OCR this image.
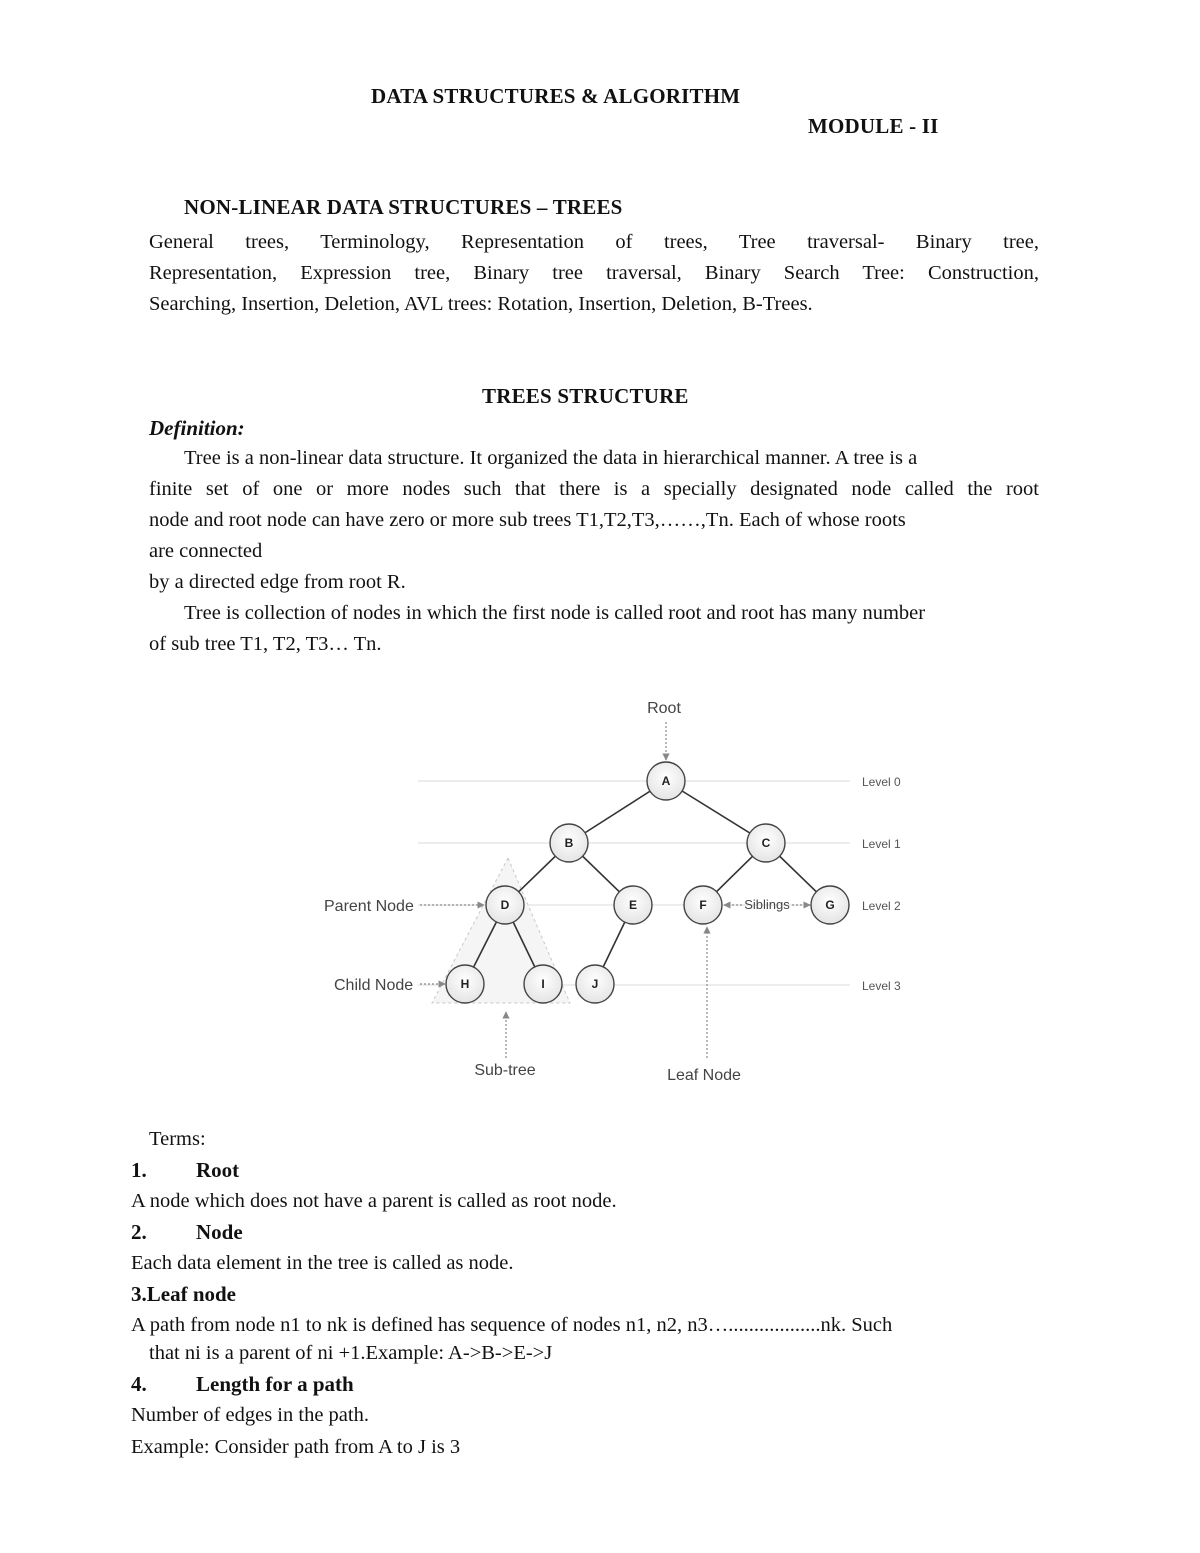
DATA STRUCTURES & ALGORITHM
MODULE - II
NON-LINEAR DATA STRUCTURES – TREES
General trees, Terminology, Representation of trees, Tree traversal- Binary tree,
Representation, Expression tree, Binary tree traversal, Binary Search Tree: Construction,
Searching, Insertion, Deletion, AVL trees: Rotation, Insertion, Deletion, B-Trees.
TREES STRUCTURE
Definition:
Tree is a non-linear data structure. It organized the data in hierarchical manner. A tree is a
finite set of one or more nodes such that there is a specially designated node called the root
node and root node can have zero or more sub trees T1,T2,T3,……,Tn. Each of whose roots
are connected
by a directed edge from root R.
Tree is collection of nodes in which the first node is called root and root has many number
of sub tree T1, T2, T3… Tn.
A
B	C
D	E	F	G
H	I	J
Root
Parent Node
Child Node
Sub-tree	Leaf Node
Siblings
Level 0
Level 1
Level 2
Level 3
Terms:
1. Root
A node which does not have a parent is called as root node.
2. Node
Each data element in the tree is called as node.
3.Leaf node
A path from node n1 to nk is defined has sequence of nodes n1, n2, n3…..................nk. Such
that ni is a parent of ni +1.Example: A->B->E->J
4. Length for a path
Number of edges in the path.
Example: Consider path from A to J is 3
